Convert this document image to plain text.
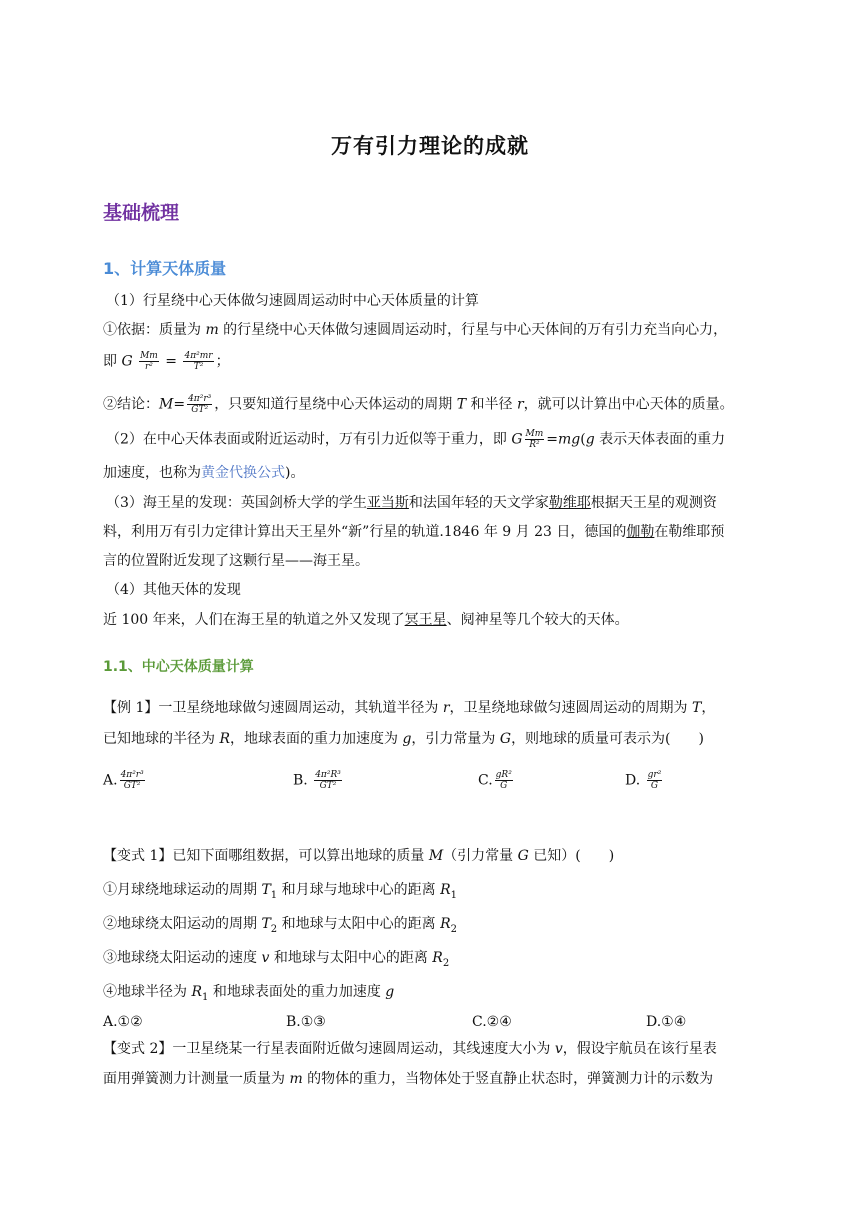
万有引力理论的成就
基础梳理
1、计算天体质量
（1）行星绕中心天体做匀速圆周运动时中心天体质量的计算
①依据：质量为 m 的行星绕中心天体做匀速圆周运动时，行星与中心天体间的万有引力充当向心力，
即 G $\frac{Mm}{\text{r²}} = \frac{\text{4π²mr}}{\text{T²}}$ ；
②结论：$M= \frac{\text{4π²r³}}{\text{GT²}}$ ，只要知道行星绕中心天体运动的周期 T 和半径 r，就可以计算出中心天体的质量。
（2）在中心天体表面或附近运动时，万有引力近似等于重力，即 G $\frac{Mm}{\text{R²}} =mg(g$ 表示天体表面的重力
加速度，也称为黄金代换公式)。
（3）海王星的发现：英国剑桥大学的学生亚当斯和法国年轻的天文学家勒维耶根据天王星的观测资
料，利用万有引力定律计算出天王星外“新”行星的轨道.1846 年 9 月 23 日，德国的伽勒在勒维耶预
言的位置附近发现了这颗行星——海王星。
（4）其他天体的发现
近 100 年来，人们在海王星的轨道之外又发现了冥王星、阋神星等几个较大的天体。
1.1、中心天体质量计算
【例 1】一卫星绕地球做匀速圆周运动，其轨道半径为 r，卫星绕地球做匀速圆周运动的周期为 T，
已知地球的半径为 R，地球表面的重力加速度为 g，引力常量为 G，则地球的质量可表示为(　　)
A. $\frac{\text{4π²r³}}{\text{GT²}}$	B. $\frac{\text{4π²R³}}{\text{GT²}}$	C. $\frac{\text{gR²}}{G}$	D. $\frac{\text{gr²}}{G}$
【变式 1】已知下面哪组数据，可以算出地球的质量 M（引力常量 G 已知）(　　)
①月球绕地球运动的周期 $T_1$ 和月球与地球中心的距离 $R_1$
②地球绕太阳运动的周期 $T_2$ 和地球与太阳中心的距离 $R_2$
③地球绕太阳运动的速度 v 和地球与太阳中心的距离 $R_2$
④地球半径为 $R_1$ 和地球表面处的重力加速度 g
A.①②	B.①③	C.②④	D.①④
【变式 2】一卫星绕某一行星表面附近做匀速圆周运动，其线速度大小为 v，假设宇航员在该行星表
面用弹簧测力计测量一质量为 m 的物体的重力，当物体处于竖直静止状态时，弹簧测力计的示数为
